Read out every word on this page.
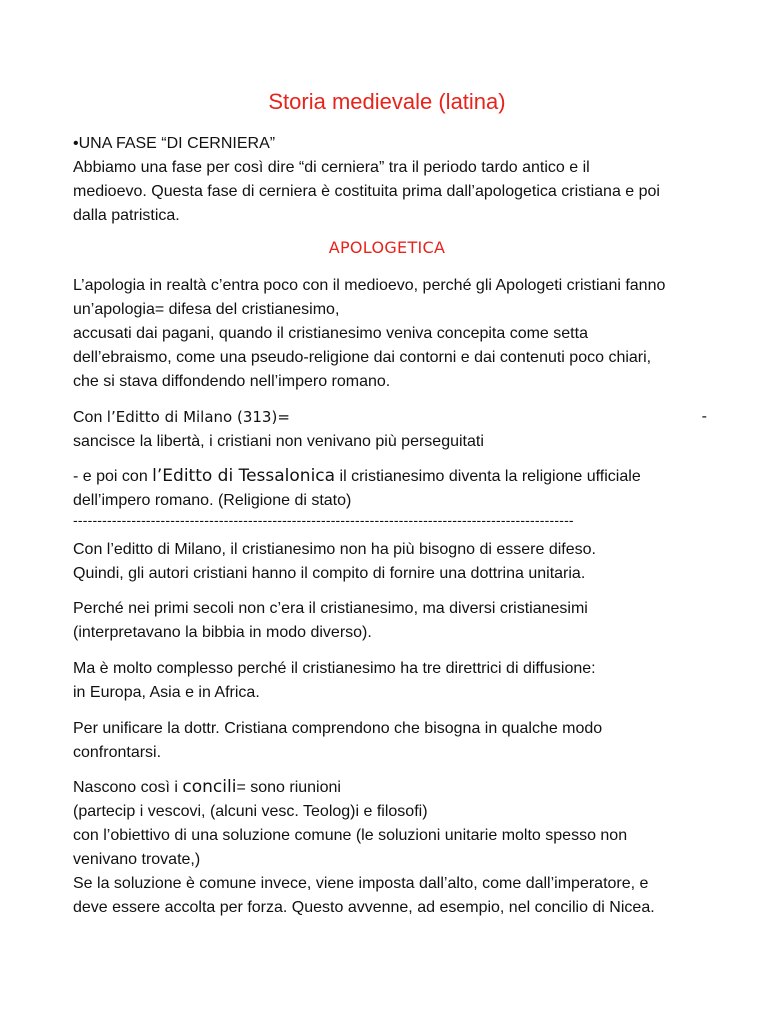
Storia medievale (latina)
•UNA FASE “DI CERNIERA”
Abbiamo una fase per così dire “di cerniera” tra il periodo tardo antico e il
medioevo. Questa fase di cerniera è costituita prima dall’apologetica cristiana e poi
dalla patristica.
APOLOGETICA
L’apologia in realtà c’entra poco con il medioevo, perché gli Apologeti cristiani fanno
un’apologia= difesa del cristianesimo,
accusati dai pagani, quando il cristianesimo veniva concepita come setta
dell’ebraismo, come una pseudo-religione dai contorni e dai contenuti poco chiari,
che si stava diffondendo nell’impero romano.
Con l’Editto di Milano (313)=	-
sancisce la libertà, i cristiani non venivano più perseguitati
- e poi con l’Editto di Tessalonica il cristianesimo diventa la religione ufficiale
dell’impero romano. (Religione di stato)
-------------------------------------------------------------------------------------------------------
Con l’editto di Milano, il cristianesimo non ha più bisogno di essere difeso.
Quindi, gli autori cristiani hanno il compito di fornire una dottrina unitaria.
Perché nei primi secoli non c’era il cristianesimo, ma diversi cristianesimi
(interpretavano la bibbia in modo diverso).
Ma è molto complesso perché il cristianesimo ha tre direttrici di diffusione:
in Europa, Asia e in Africa.
Per unificare la dottr. Cristiana comprendono che bisogna in qualche modo
confrontarsi.
Nascono così i concili= sono riunioni
(partecip i vescovi, (alcuni vesc. Teolog)i e filosofi)
con l’obiettivo di una soluzione comune (le soluzioni unitarie molto spesso non
venivano trovate,)
Se la soluzione è comune invece, viene imposta dall’alto, come dall’imperatore, e
deve essere accolta per forza. Questo avvenne, ad esempio, nel concilio di Nicea.
